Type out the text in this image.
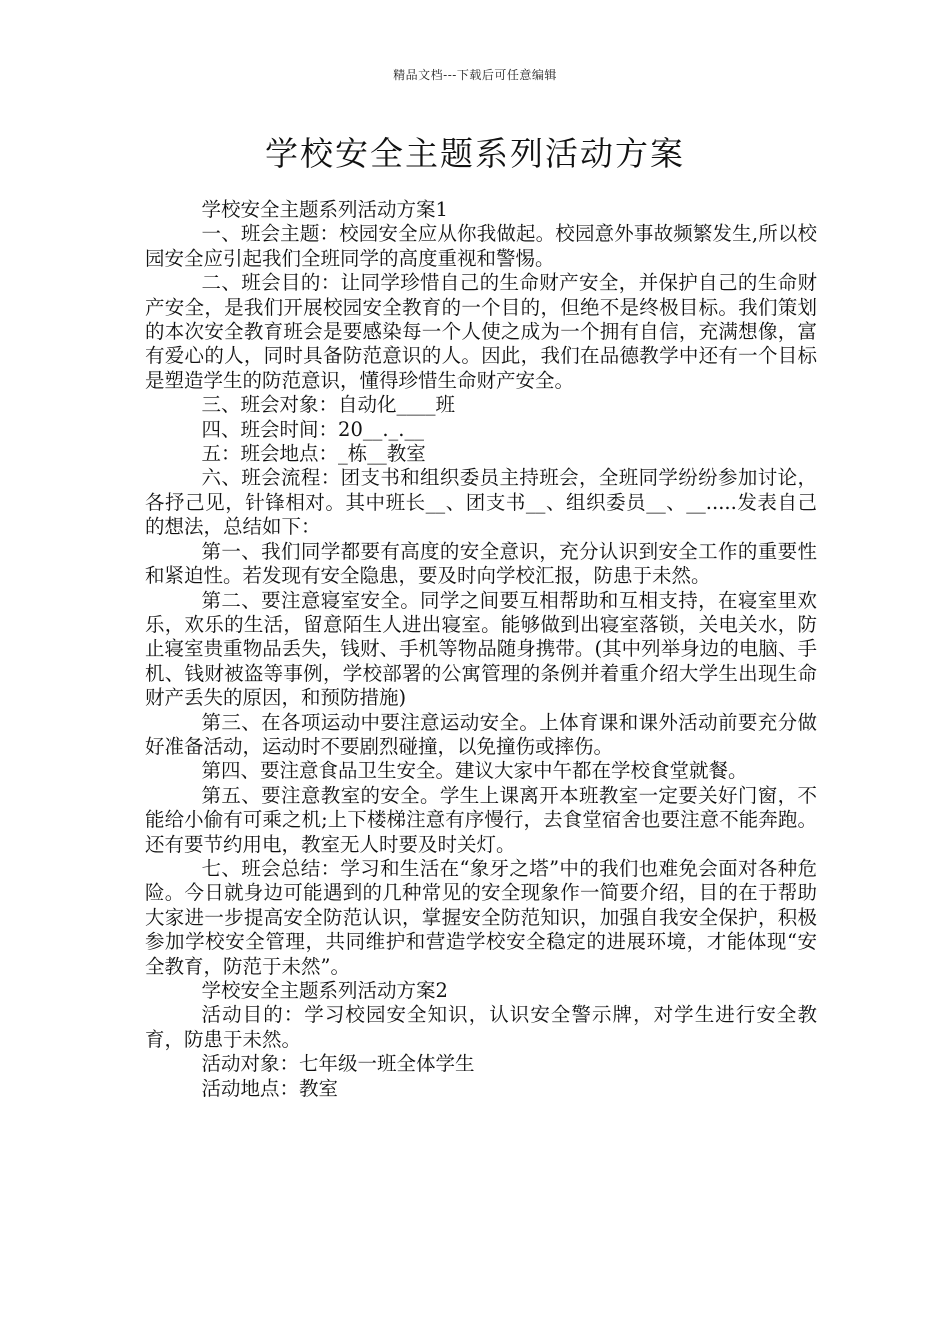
精品文档---下载后可任意编辑
学校安全主题系列活动方案

学校安全主题系列活动方案1

一、班会主题：校园安全应从你我做起。校园意外事故频繁发生,所以校园安全应引起我们全班同学的高度重视和警惕。

二、班会目的：让同学珍惜自己的生命财产安全，并保护自己的生命财产安全，是我们开展校园安全教育的一个目的，但绝不是终极目标。我们策划的本次安全教育班会是要感染每一个人使之成为一个拥有自信，充满想像，富有爱心的人，同时具备防范意识的人。因此，我们在品德教学中还有一个目标是塑造学生的防范意识，懂得珍惜生命财产安全。

三、班会对象：自动化____班

四、班会时间：20__._.__

五：班会地点：_栋__教室

六、班会流程：团支书和组织委员主持班会，全班同学纷纷参加讨论，各抒己见，针锋相对。其中班长__、团支书__、组织委员__、__.....发表自己的想法，总结如下：

第一、我们同学都要有高度的安全意识，充分认识到安全工作的重要性和紧迫性。若发现有安全隐患，要及时向学校汇报，防患于未然。

第二、要注意寝室安全。同学之间要互相帮助和互相支持，在寝室里欢乐，欢乐的生活，留意陌生人进出寝室。能够做到出寝室落锁，关电关水，防止寝室贵重物品丢失，钱财、手机等物品随身携带。(其中列举身边的电脑、手机、钱财被盗等事例，学校部署的公寓管理的条例并着重介绍大学生出现生命财产丢失的原因，和预防措施)

第三、在各项运动中要注意运动安全。上体育课和课外活动前要充分做好准备活动，运动时不要剧烈碰撞，以免撞伤或摔伤。

第四、要注意食品卫生安全。建议大家中午都在学校食堂就餐。

第五、要注意教室的安全。学生上课离开本班教室一定要关好门窗，不能给小偷有可乘之机;上下楼梯注意有序慢行，去食堂宿舍也要注意不能奔跑。还有要节约用电，教室无人时要及时关灯。

七、班会总结：学习和生活在“象牙之塔”中的我们也难免会面对各种危险。今日就身边可能遇到的几种常见的安全现象作一简要介绍，目的在于帮助大家进一步提高安全防范认识，掌握安全防范知识，加强自我安全保护，积极参加学校安全管理，共同维护和营造学校安全稳定的进展环境，才能体现“安全教育，防范于未然”。

学校安全主题系列活动方案2

活动目的：学习校园安全知识，认识安全警示牌，对学生进行安全教育，防患于未然。

活动对象：七年级一班全体学生

活动地点：教室
